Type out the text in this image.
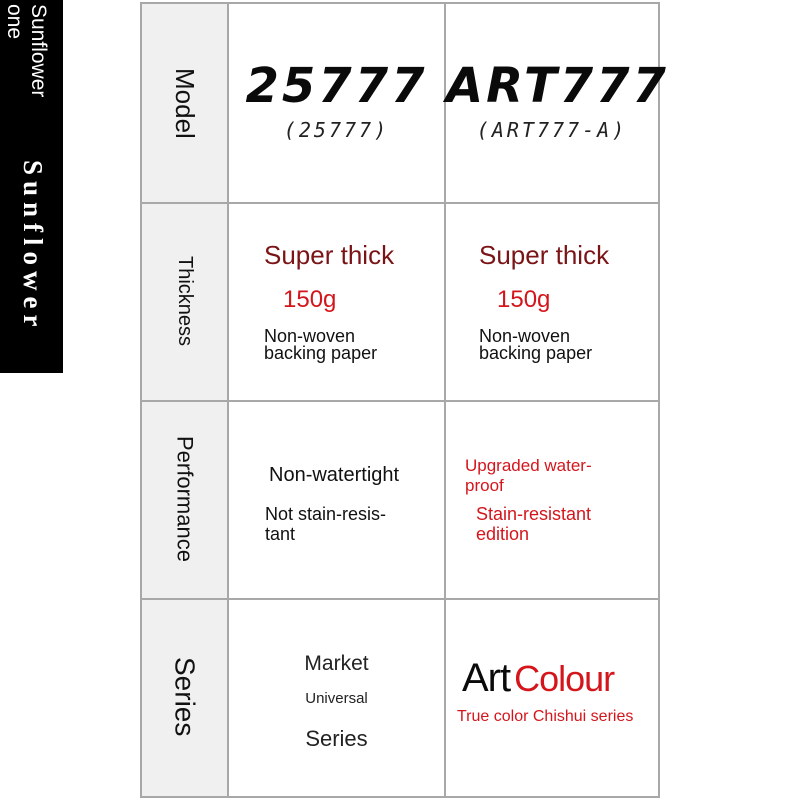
Sunflower
one
Sunflower
Model
Thickness
Performance
Series
25777
(25777)
ART777
(ART777-A)
Super thick
150g
Non-woven
backing paper
Super thick
150g
Non-woven
backing paper
Non-watertight
Not stain-resis-
tant
Upgraded water-
proof
Stain-resistant
edition
Market
Universal
Series
Art Colour
True color Chishui series
